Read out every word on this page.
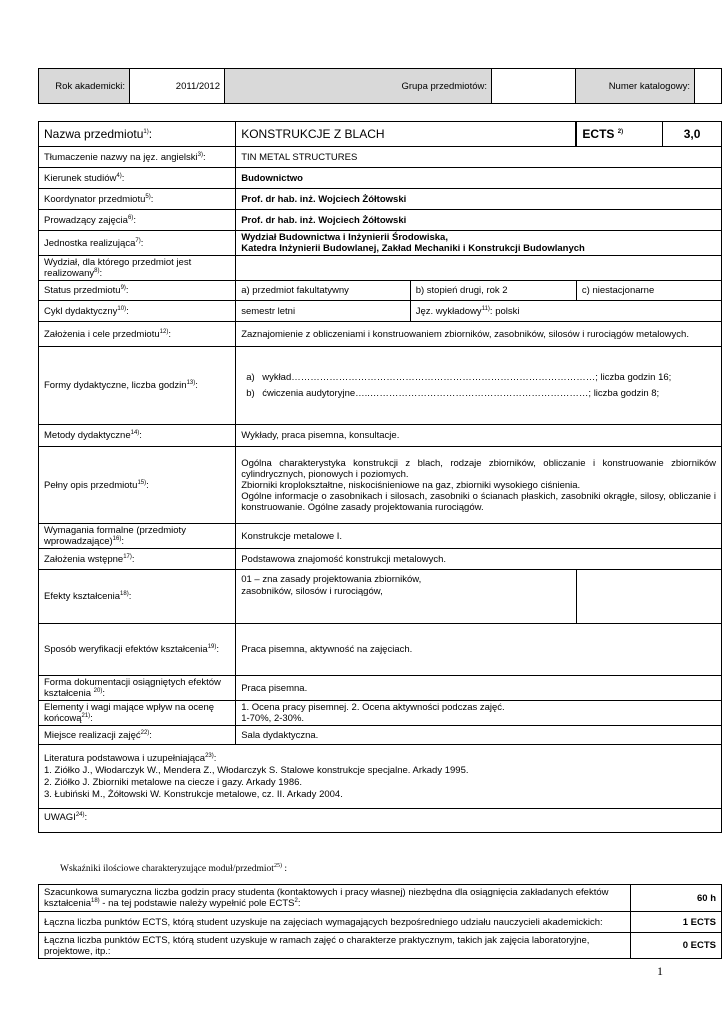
Rok akademicki:	2011/2012	Grupa przedmiotów:		Numer katalogowy:	
Nazwa przedmiotu$^{1)}$:	KONSTRUKCJE Z BLACH		ECTS $^{2)}$	3,0
Tłumaczenie nazwy na jęz. angielski$^{3)}$:	TIN METAL STRUCTURES			
Kierunek studiów$^{4)}$:	Budownictwo			
Koordynator przedmiotu$^{5)}$:	Prof. dr hab. inż. Wojciech Żółtowski			
Prowadzący zajęcia$^{6)}$:	Prof. dr hab. inż. Wojciech Żółtowski			
Jednostka realizująca$^{7)}$:	Wydział Budownictwa i Inżynierii Środowiska,
Katedra Inżynierii Budowlanej, Zakład Mechaniki i Konstrukcji Budowlanych			
Wydział, dla którego przedmiot jest realizowany$^{8)}$:				
Status przedmiotu$^{9)}$:	a) przedmiot fakultatywny	b) stopień drugi, rok 2	c) niestacjonarne	
Cykl dydaktyczny$^{10)}$:	semestr letni	Jęz. wykładowy$^{11)}$: polski		
Założenia i cele przedmiotu$^{12)}$:	Zaznajomienie z obliczeniami i konstruowaniem zbiorników, zasobników, silosów i rurociągów metalowych.			
Formy dydaktyczne, liczba godzin$^{13)}$:	a) wykład……………………………………………………………………………………; liczba godzin 16;
b) ćwiczenia audytoryjne…..……………………………………………………………; liczba godzin 8;			

Metody dydaktyczne$^{14)}$:	Wykłady, praca pisemna, konsultacje.			
Pełny opis przedmiotu$^{15)}$:	Ogólna charakterystyka konstrukcji z blach, rodzaje zbiorników, obliczanie i konstruowanie zbiorników cylindrycznych, pionowych i poziomych.
Zbiorniki kroplokształtne, niskociśnieniowe na gaz, zbiorniki wysokiego ciśnienia.
Ogólne informacje o zasobnikach i silosach, zasobniki o ścianach płaskich, zasobniki okrągłe, silosy, obliczanie i konstruowanie. Ogólne zasady projektowania rurociągów.			
Wymagania formalne (przedmioty wprowadzające)$^{16)}$:	Konstrukcje metalowe I.			
Założenia wstępne$^{17)}$:	Podstawowa znajomość konstrukcji metalowych.			
Efekty kształcenia$^{18)}$:	01 – zna zasady projektowania zbiorników,
zasobników, silosów i rurociągów,			
Sposób weryfikacji efektów kształcenia$^{19)}$:	Praca pisemna, aktywność na zajęciach.			
Forma dokumentacji osiągniętych efektów kształcenia $^{20)}$:	Praca pisemna.			
Elementy i wagi mające wpływ na ocenę końcową$^{21)}$:	1. Ocena pracy pisemnej. 2. Ocena aktywności podczas zajęć.
1-70%, 2-30%.			
Miejsce realizacji zajęć$^{22)}$:	Sala dydaktyczna.			
Literatura podstawowa i uzupełniająca$^{23)}$:
1. Ziółko J., Włodarczyk W., Mendera Z., Włodarczyk S. Stalowe konstrukcje specjalne. Arkady 1995.
2. Ziółko J. Zbiorniki metalowe na ciecze i gazy. Arkady 1986.
3. Łubiński M., Żółtowski W. Konstrukcje metalowe, cz. II. Arkady 2004.				
UWAGI$^{24)}$:				
Wskaźniki ilościowe charakteryzujące moduł/przedmiot$^{25)}$ :
Szacunkowa sumaryczna liczba godzin pracy studenta (kontaktowych i pracy własnej) niezbędna dla osiągnięcia zakładanych efektów kształcenia$^{18)}$ - na tej podstawie należy wypełnić pole ECTS$^2$:	60 h
Łączna liczba punktów ECTS, którą student uzyskuje na zajęciach wymagających bezpośredniego udziału nauczycieli akademickich:	1 ECTS
Łączna liczba punktów ECTS, którą student uzyskuje w ramach zajęć o charakterze praktycznym, takich jak zajęcia laboratoryjne, projektowe, itp.:	0 ECTS
1
